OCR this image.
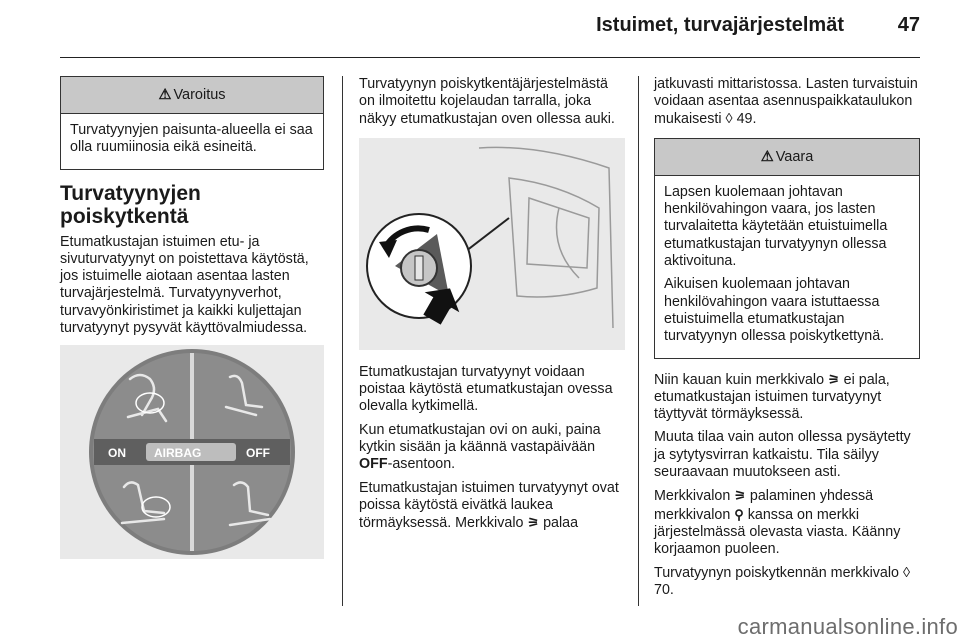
Istuimet, turvajärjestelmät	47
⚠ Varoitus

Turvatyynyjen paisunta-alueella ei saa olla ruumiinosia eikä esineitä.

Turvatyynyjen poiskytkentä

Etumatkustajan istuimen etu- ja sivuturvatyynyt on poistettava käytöstä, jos istuimelle aiotaan asentaa lasten turvajärjestelmä. Turvatyynyverhot, turvavyönkiristimet ja kaikki kuljettajan turvatyynyt pysyvät käyttövalmiudessa.

ON AIRBAG	OFF

Turvatyynyn poiskytkentäjärjestelmästä on ilmoitettu kojelaudan tarralla, joka näkyy etumatkustajan oven ollessa auki.

Etumatkustajan turvatyynyt voidaan poistaa käytöstä etumatkustajan ovessa olevalla kytkimellä.

Kun etumatkustajan ovi on auki, paina kytkin sisään ja käännä vastapäivään OFF-asentoon.

Etumatkustajan istuimen turvatyynyt ovat poissa käytöstä eivätkä laukea törmäyksessä. Merkkivalo ⚞ palaa

jatkuvasti mittaristossa. Lasten turvaistuin voidaan asentaa asennuspaikkataulukon mukaisesti ◊ 49.

⚠ Vaara

Lapsen kuolemaan johtavan henkilövahingon vaara, jos lasten turvalaitetta käytetään etuistuimella etumatkustajan turvatyynyn ollessa aktivoituna.

Aikuisen kuolemaan johtavan henkilövahingon vaara istuttaessa etuistuimella etumatkustajan turvatyynyn ollessa poiskytkettynä.

Niin kauan kuin merkkivalo ⚞ ei pala, etumatkustajan istuimen turvatyynyt täyttyvät törmäyksessä.

Muuta tilaa vain auton ollessa pysäytetty ja sytytysvirran katkaistu. Tila säilyy seuraavaan muutokseen asti.

Merkkivalon ⚞ palaminen yhdessä merkkivalon ⚲ kanssa on merkki järjestelmässä olevasta viasta. Käänny korjaamon puoleen.

Turvatyynyn poiskytkennän merkkivalo ◊ 70.

carmanualsonline.info
